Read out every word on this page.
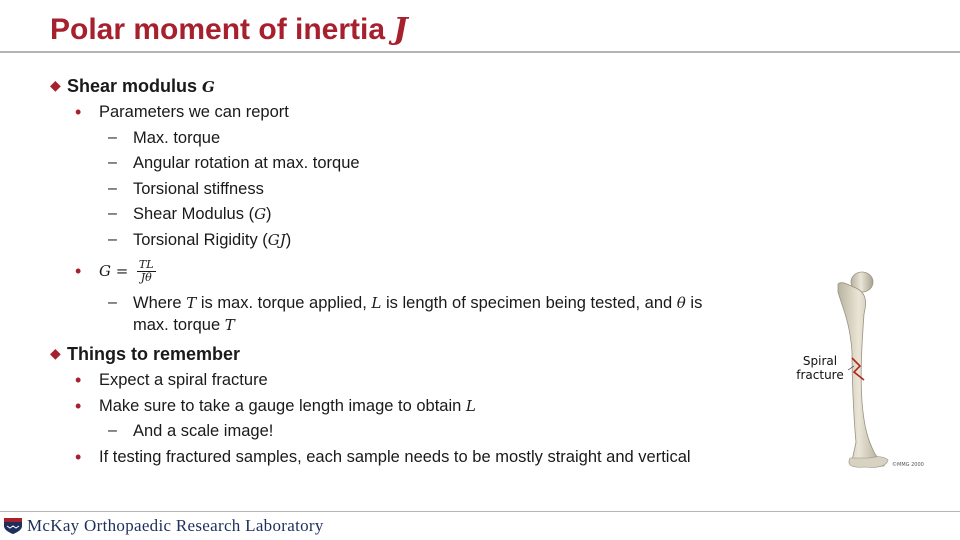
Polar moment of inertia J
◆ Shear modulus G
• Parameters we can report
– Max. torque
– Angular rotation at max. torque
– Torsional stiffness
– Shear Modulus (G)
– Torsional Rigidity (GJ)
• $G = \frac{TL}{J\theta}$
– Where T is max. torque applied, L is length of specimen being tested, and θ is
max. torque T
◆ Things to remember
• Expect a spiral fracture
• Make sure to take a gauge length image to obtain L
– And a scale image!
• If testing fractured samples, each sample needs to be mostly straight and vertical
Spiral
fracture
©MMG 2000
McKay Orthopaedic Research Laboratory
